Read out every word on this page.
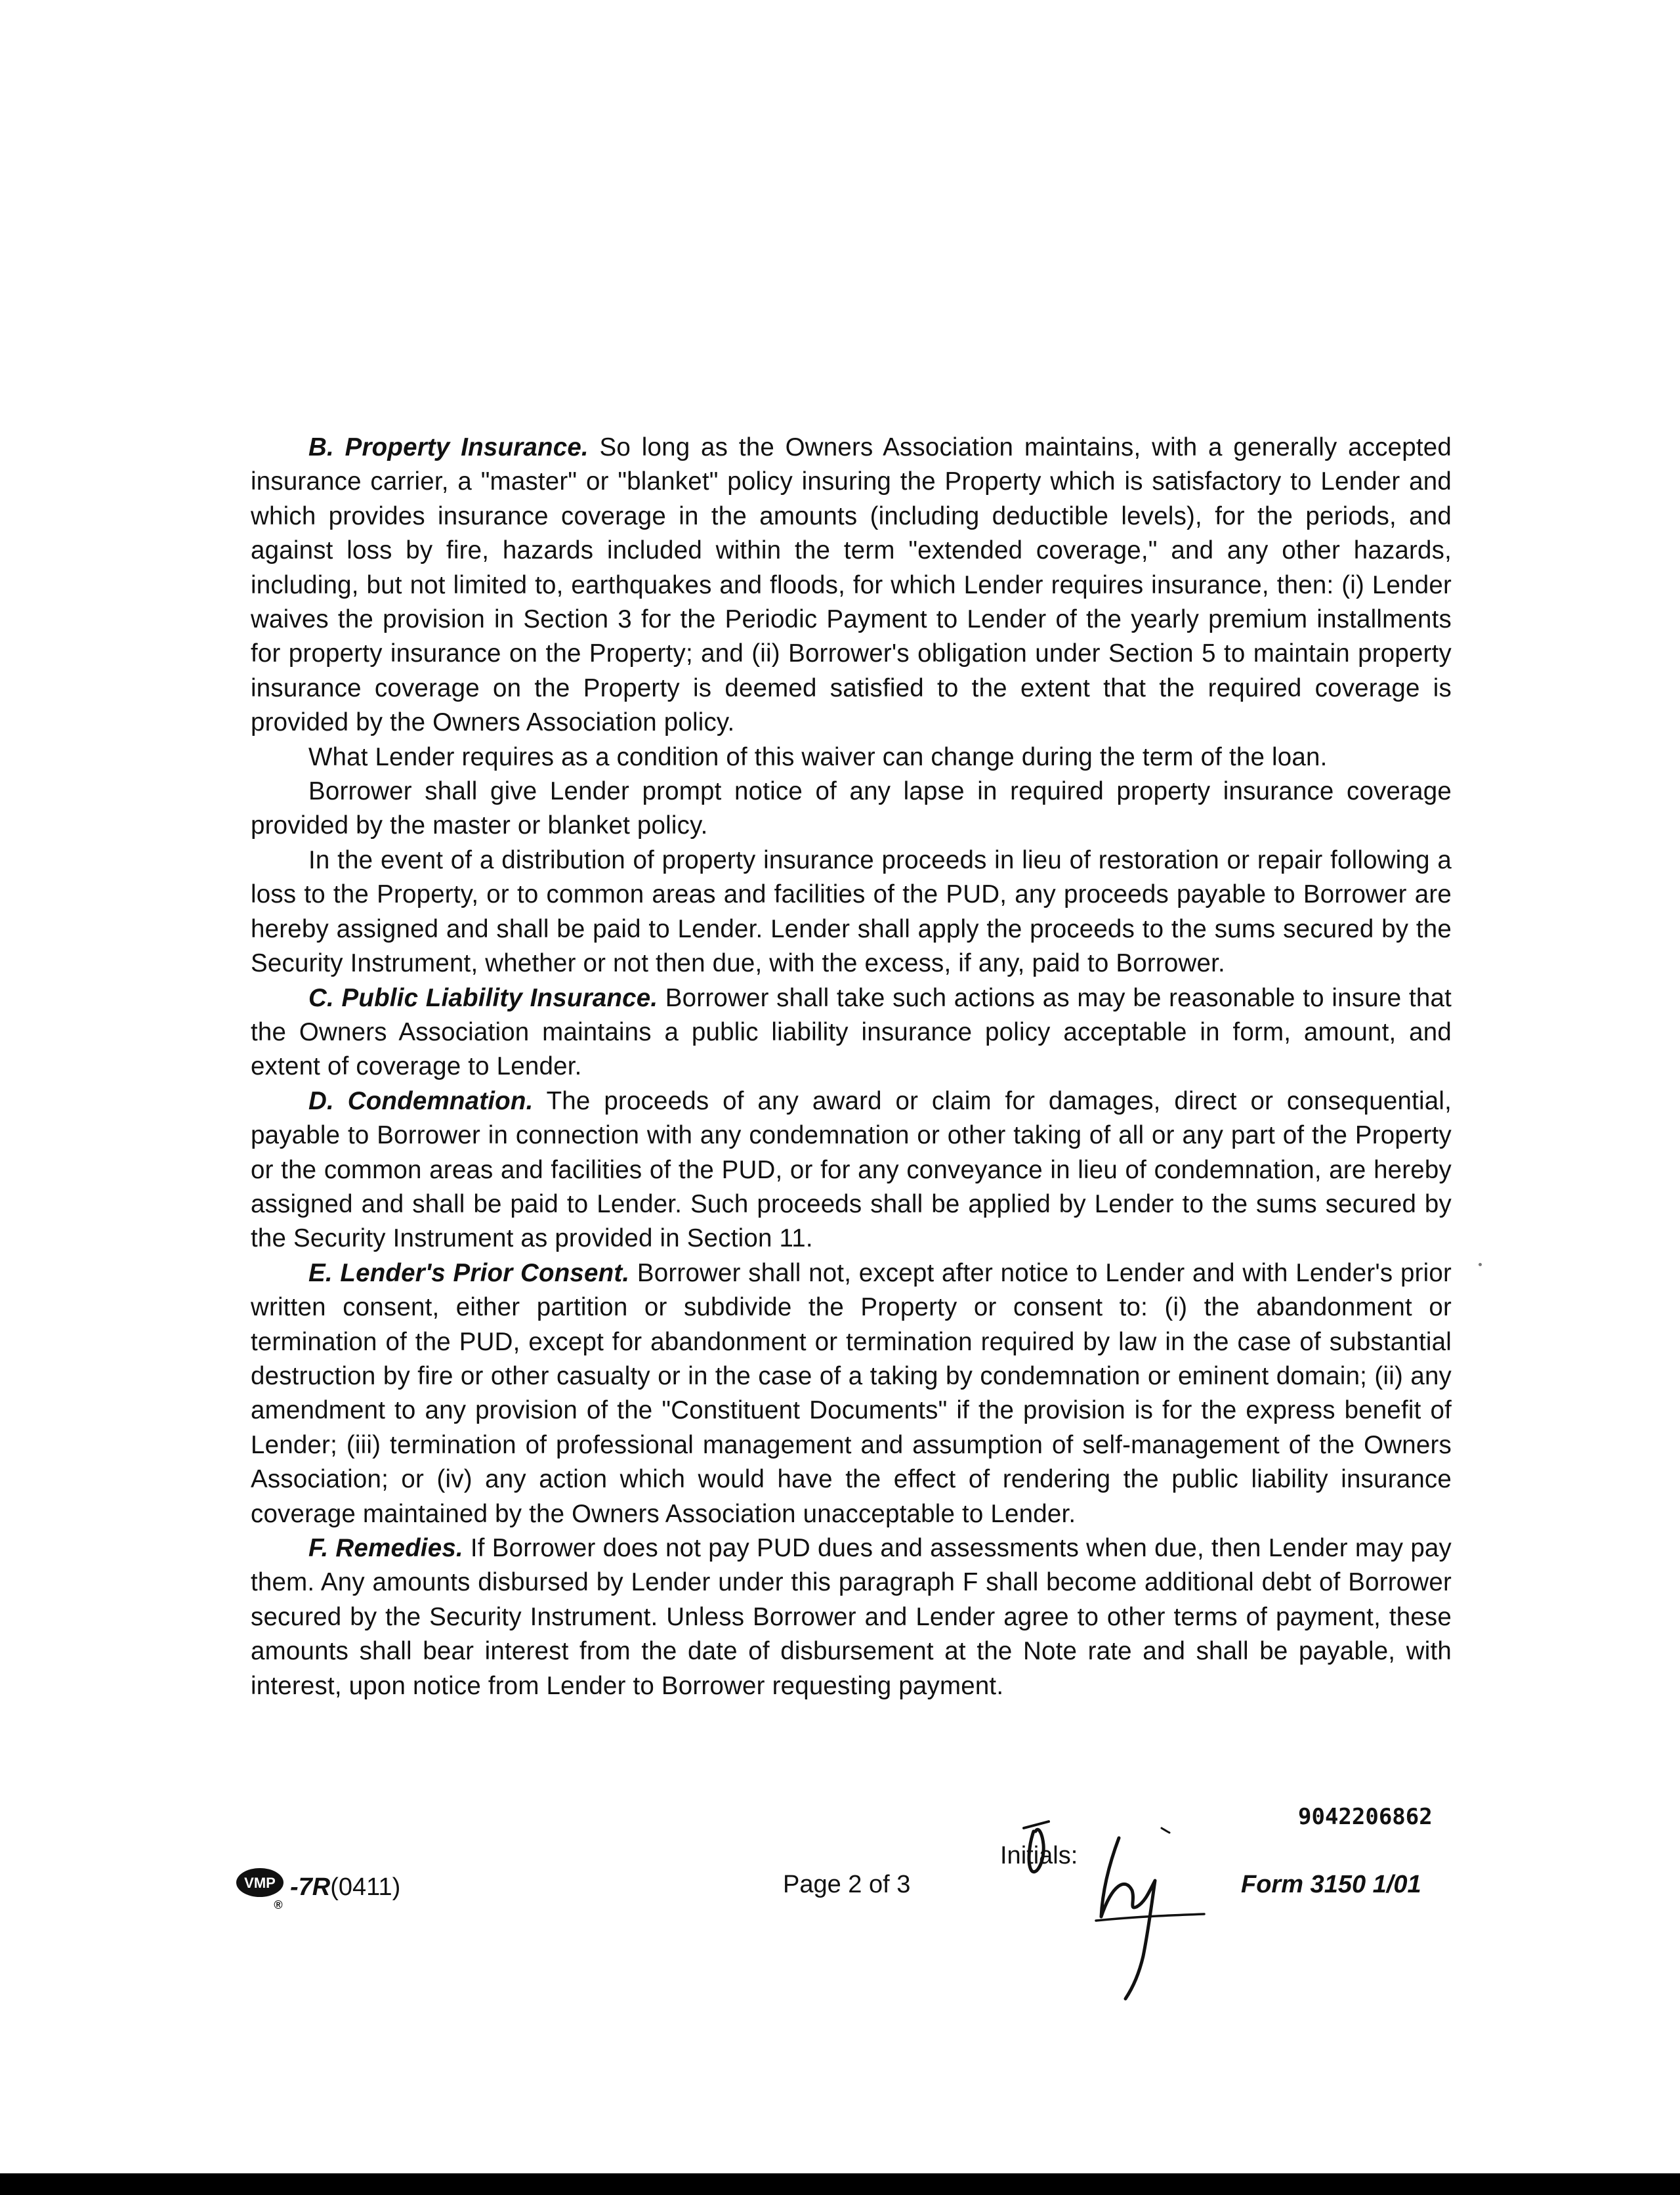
B. Property Insurance. So long as the Owners Association maintains, with a generally accepted insurance carrier, a "master" or "blanket" policy insuring the Property which is satisfactory to Lender and which provides insurance coverage in the amounts (including deductible levels), for the periods, and against loss by fire, hazards included within the term "extended coverage," and any other hazards, including, but not limited to, earthquakes and floods, for which Lender requires insurance, then: (i) Lender waives the provision in Section 3 for the Periodic Payment to Lender of the yearly premium installments for property insurance on the Property; and (ii) Borrower's obligation under Section 5 to maintain property insurance coverage on the Property is deemed satisfied to the extent that the required coverage is provided by the Owners Association policy.

What Lender requires as a condition of this waiver can change during the term of the loan.

Borrower shall give Lender prompt notice of any lapse in required property insurance coverage provided by the master or blanket policy.

In the event of a distribution of property insurance proceeds in lieu of restoration or repair following a loss to the Property, or to common areas and facilities of the PUD, any proceeds payable to Borrower are hereby assigned and shall be paid to Lender. Lender shall apply the proceeds to the sums secured by the Security Instrument, whether or not then due, with the excess, if any, paid to Borrower.

C. Public Liability Insurance. Borrower shall take such actions as may be reasonable to insure that the Owners Association maintains a public liability insurance policy acceptable in form, amount, and extent of coverage to Lender.

D. Condemnation. The proceeds of any award or claim for damages, direct or consequential, payable to Borrower in connection with any condemnation or other taking of all or any part of the Property or the common areas and facilities of the PUD, or for any conveyance in lieu of condemnation, are hereby assigned and shall be paid to Lender. Such proceeds shall be applied by Lender to the sums secured by the Security Instrument as provided in Section 11.

E. Lender's Prior Consent. Borrower shall not, except after notice to Lender and with Lender's prior written consent, either partition or subdivide the Property or consent to: (i) the abandonment or termination of the PUD, except for abandonment or termination required by law in the case of substantial destruction by fire or other casualty or in the case of a taking by condemnation or eminent domain; (ii) any amendment to any provision of the "Constituent Documents" if the provision is for the express benefit of Lender; (iii) termination of professional management and assumption of self-management of the Owners Association; or (iv) any action which would have the effect of rendering the public liability insurance coverage maintained by the Owners Association unacceptable to Lender.

F. Remedies. If Borrower does not pay PUD dues and assessments when due, then Lender may pay them. Any amounts disbursed by Lender under this paragraph F shall become additional debt of Borrower secured by the Security Instrument. Unless Borrower and Lender agree to other terms of payment, these amounts shall bear interest from the date of disbursement at the Note rate and shall be payable, with interest, upon notice from Lender to Borrower requesting payment.

9042206862
VMP
®
-7R (0411)	Page 2 of 3
Initials:
Form 3150 1/01
